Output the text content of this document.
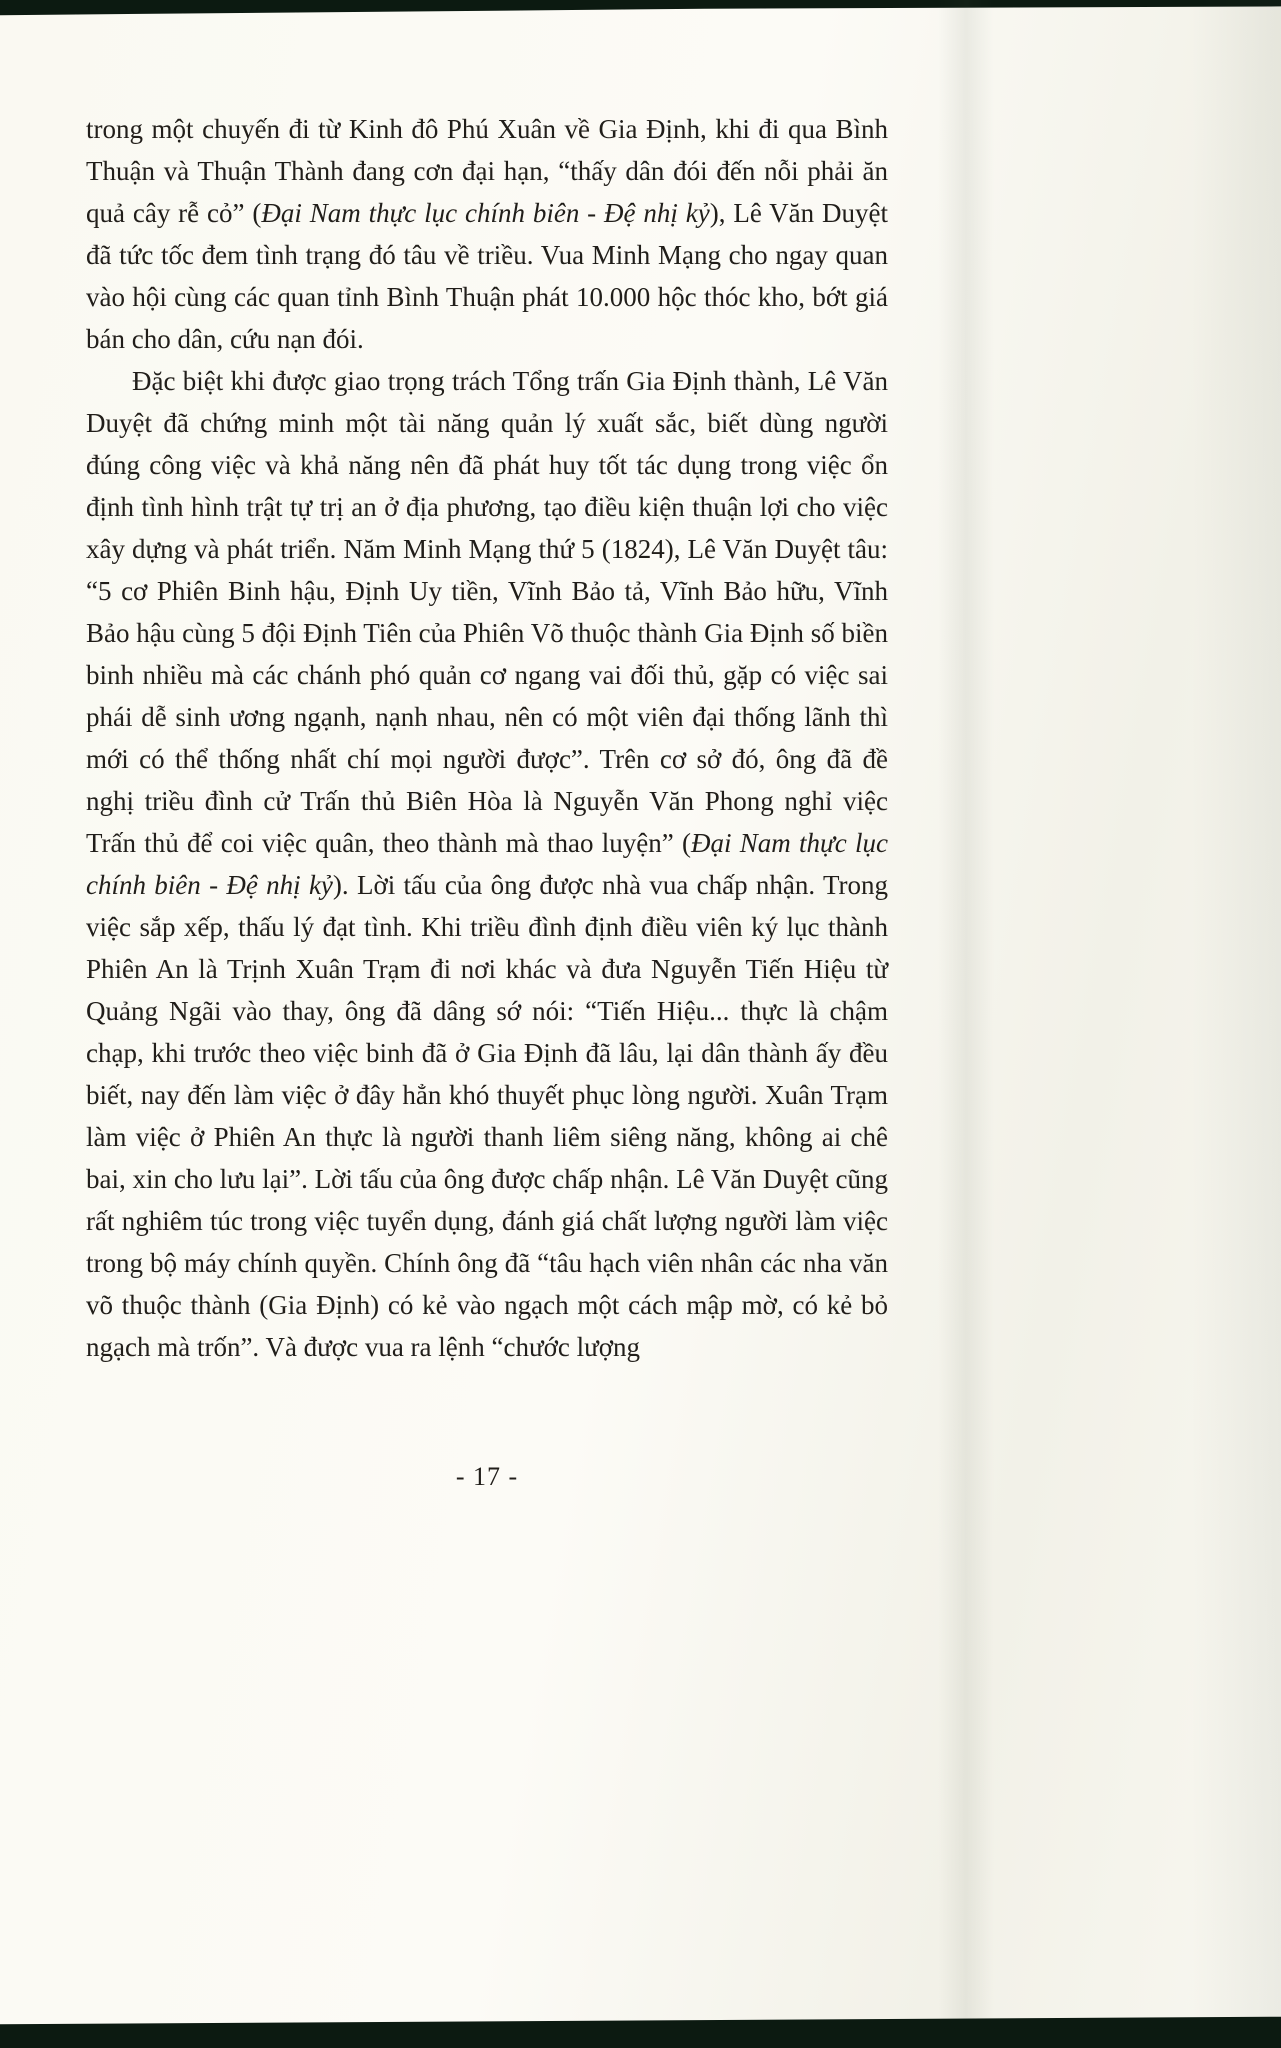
trong một chuyến đi từ Kinh đô Phú Xuân về Gia Định, khi đi qua Bình Thuận và Thuận Thành đang cơn đại hạn, “thấy dân đói đến nỗi phải ăn quả cây rễ cỏ” (Đại Nam thực lục chính biên - Đệ nhị kỷ), Lê Văn Duyệt đã tức tốc đem tình trạng đó tâu về triều. Vua Minh Mạng cho ngay quan vào hội cùng các quan tỉnh Bình Thuận phát 10.000 hộc thóc kho, bớt giá bán cho dân, cứu nạn đói.

Đặc biệt khi được giao trọng trách Tổng trấn Gia Định thành, Lê Văn Duyệt đã chứng minh một tài năng quản lý xuất sắc, biết dùng người đúng công việc và khả năng nên đã phát huy tốt tác dụng trong việc ổn định tình hình trật tự trị an ở địa phương, tạo điều kiện thuận lợi cho việc xây dựng và phát triển. Năm Minh Mạng thứ 5 (1824), Lê Văn Duyệt tâu: “5 cơ Phiên Binh hậu, Định Uy tiền, Vĩnh Bảo tả, Vĩnh Bảo hữu, Vĩnh Bảo hậu cùng 5 đội Định Tiên của Phiên Võ thuộc thành Gia Định số biền binh nhiều mà các chánh phó quản cơ ngang vai đối thủ, gặp có việc sai phái dễ sinh ương ngạnh, nạnh nhau, nên có một viên đại thống lãnh thì mới có thể thống nhất chí mọi người được”. Trên cơ sở đó, ông đã đề nghị triều đình cử Trấn thủ Biên Hòa là Nguyễn Văn Phong nghỉ việc Trấn thủ để coi việc quân, theo thành mà thao luyện” (Đại Nam thực lục chính biên - Đệ nhị kỷ). Lời tấu của ông được nhà vua chấp nhận. Trong việc sắp xếp, thấu lý đạt tình. Khi triều đình định điều viên ký lục thành Phiên An là Trịnh Xuân Trạm đi nơi khác và đưa Nguyễn Tiến Hiệu từ Quảng Ngãi vào thay, ông đã dâng sớ nói: “Tiến Hiệu... thực là chậm chạp, khi trước theo việc binh đã ở Gia Định đã lâu, lại dân thành ấy đều biết, nay đến làm việc ở đây hẳn khó thuyết phục lòng người. Xuân Trạm làm việc ở Phiên An thực là người thanh liêm siêng năng, không ai chê bai, xin cho lưu lại”. Lời tấu của ông được chấp nhận. Lê Văn Duyệt cũng rất nghiêm túc trong việc tuyển dụng, đánh giá chất lượng người làm việc trong bộ máy chính quyền. Chính ông đã “tâu hạch viên nhân các nha văn võ thuộc thành (Gia Định) có kẻ vào ngạch một cách mập mờ, có kẻ bỏ ngạch mà trốn”. Và được vua ra lệnh “chước lượng

- 17 -
